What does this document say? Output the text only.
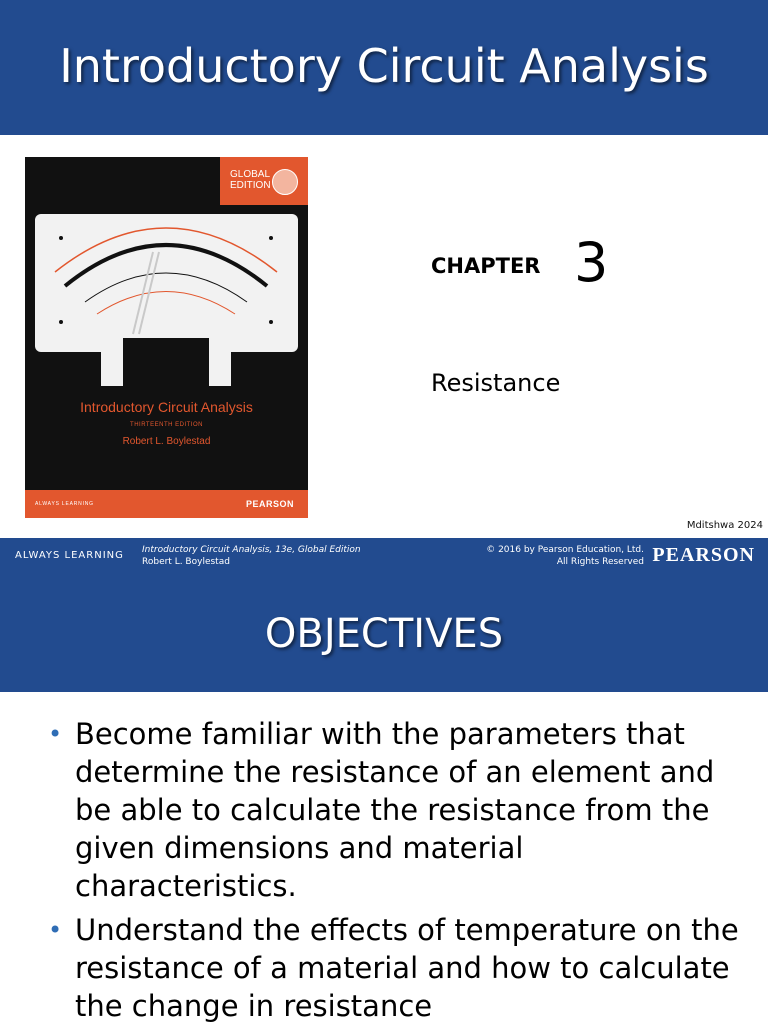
Introductory Circuit Analysis
GLOBAL
EDITION
Introductory Circuit Analysis
THIRTEENTH EDITION
Robert L. Boylestad
ALWAYS LEARNING	PEARSON
CHAPTER 3
Resistance
Mditshwa 2024
ALWAYS LEARNING Introductory Circuit Analysis, 13e, Global Edition
Robert L. Boylestad
© 2016 by Pearson Education, Ltd.
All Rights Reserved PEARSON
OBJECTIVES
• Become familiar with the parameters that determine the resistance of an element and be able to calculate the resistance from the given dimensions and material characteristics.
• Understand the effects of temperature on the resistance of a material and how to calculate the change in resistance
